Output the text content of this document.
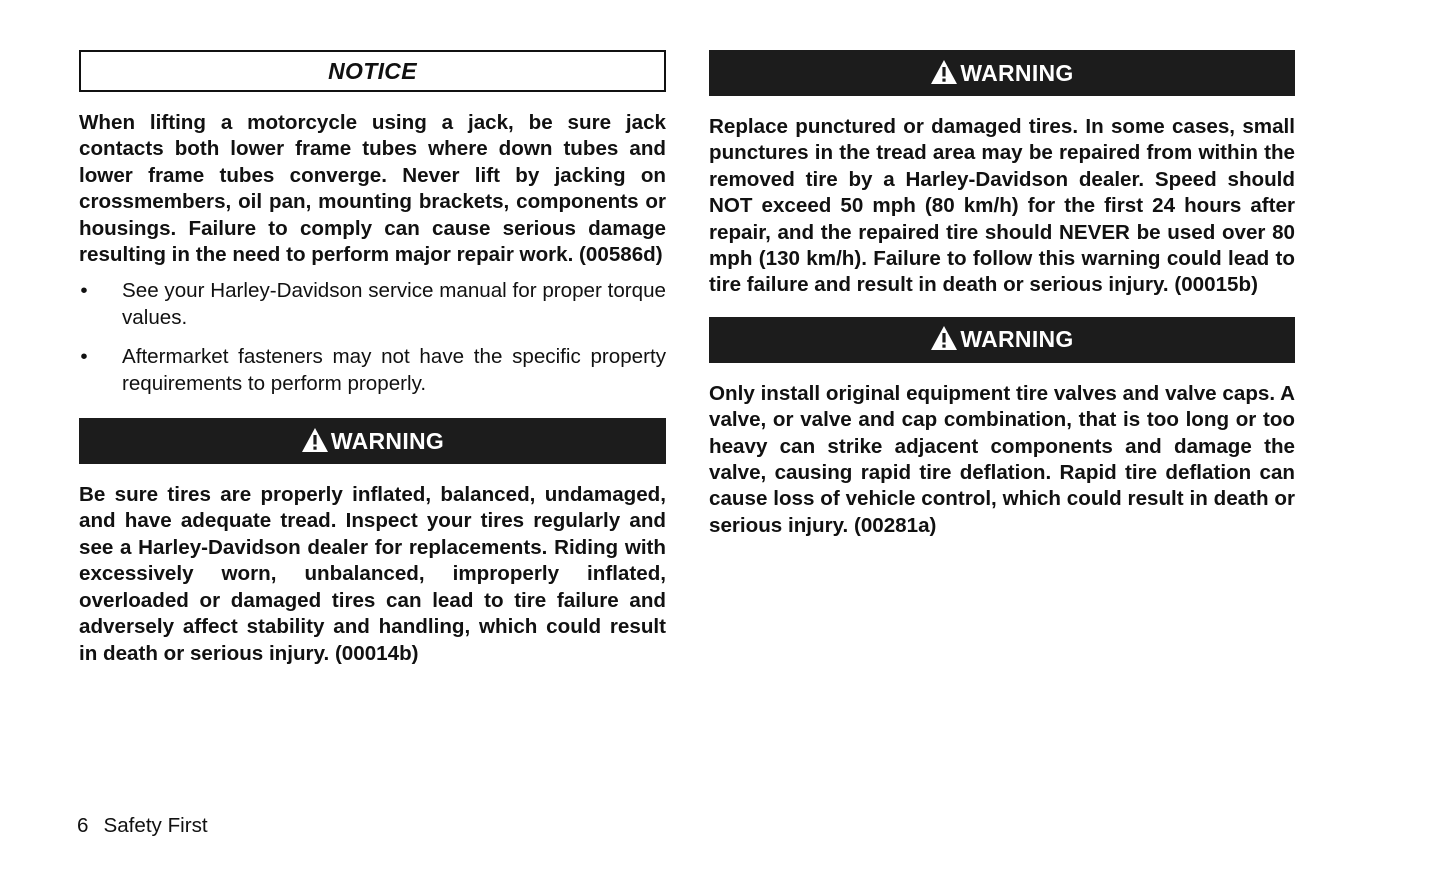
NOTICE

When lifting a motorcycle using a jack, be sure jack contacts both lower frame tubes where down tubes and lower frame tubes converge. Never lift by jacking on crossmembers, oil pan, mounting brackets, components or housings. Failure to comply can cause serious damage resulting in the need to perform major repair work. (00586d)

• See your Harley-Davidson service manual for proper torque values.
• Aftermarket fasteners may not have the specific property requirements to perform properly.
WARNING

Be sure tires are properly inflated, balanced, undamaged, and have adequate tread. Inspect your tires regularly and see a Harley-Davidson dealer for replacements. Riding with excessively worn, unbalanced, improperly inflated, overloaded or damaged tires can lead to tire failure and adversely affect stability and handling, which could result in death or serious injury. (00014b)

WARNING

Replace punctured or damaged tires. In some cases, small punctures in the tread area may be repaired from within the removed tire by a Harley-Davidson dealer. Speed should NOT exceed 50 mph (80 km/h) for the first 24 hours after repair, and the repaired tire should NEVER be used over 80 mph (130 km/h). Failure to follow this warning could lead to tire failure and result in death or serious injury. (00015b)

WARNING

Only install original equipment tire valves and valve caps. A valve, or valve and cap combination, that is too long or too heavy can strike adjacent components and damage the valve, causing rapid tire deflation. Rapid tire deflation can cause loss of vehicle control, which could result in death or serious injury. (00281a)

6 Safety First
